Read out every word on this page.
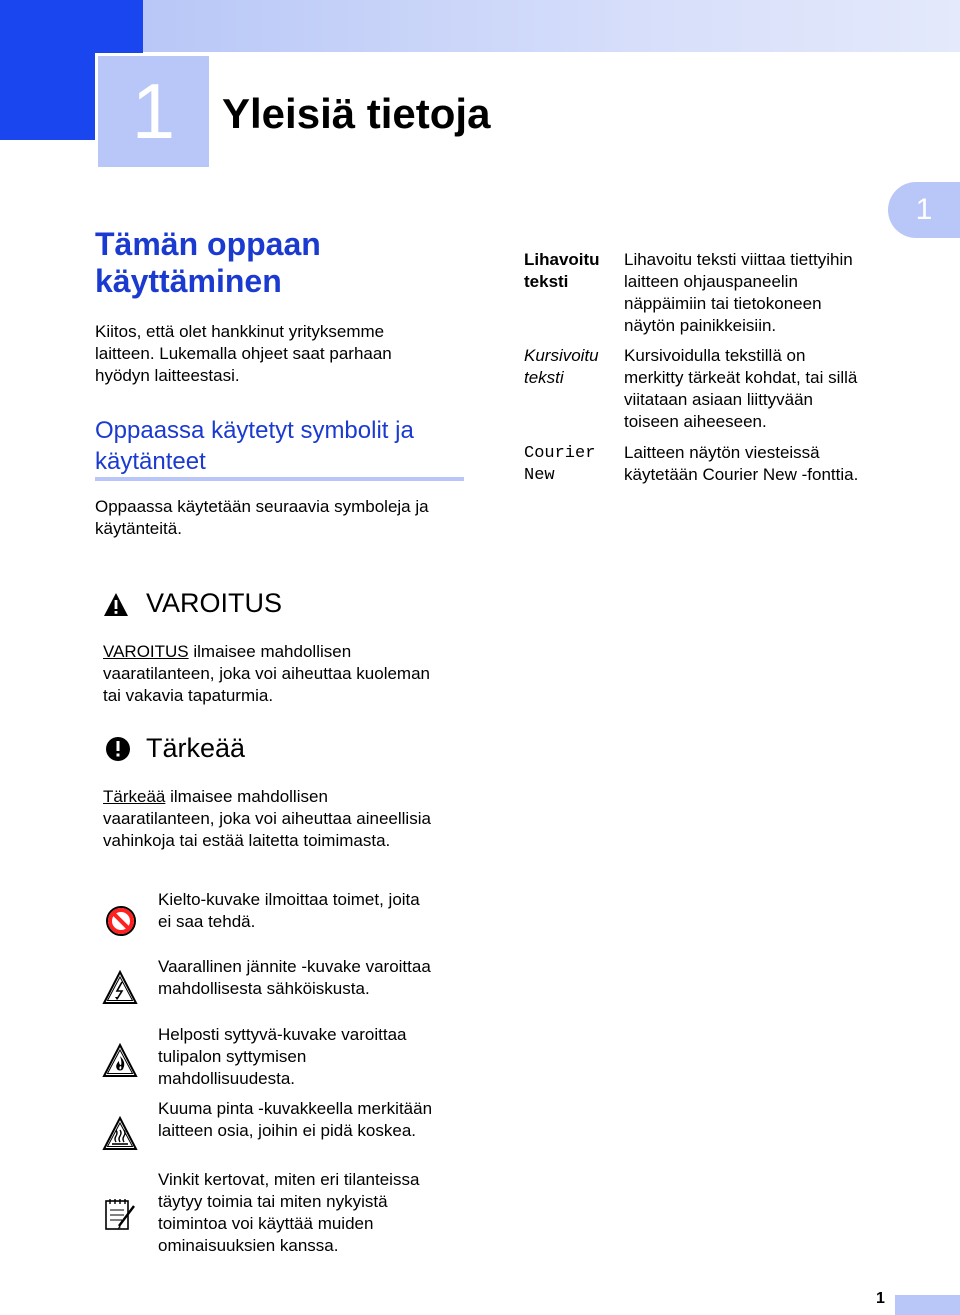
1	Yleisiä tietoja
1
Tämän oppaan käyttäminen
Kiitos, että olet hankkinut yrityksemme
laitteen. Lukemalla ohjeet saat parhaan
hyödyn laitteestasi.
Oppaassa käytetyt symbolit ja
käytänteet
Oppaassa käytetään seuraavia symboleja ja
käytänteitä.
Lihavoitu
teksti
Lihavoitu teksti viittaa tiettyihin
laitteen ohjauspaneelin
näppäimiin tai tietokoneen
näytön painikkeisiin.
Kursivoitu
teksti
Kursivoidulla tekstillä on
merkitty tärkeät kohdat, tai sillä
viitataan asiaan liittyvään
toiseen aiheeseen.
Courier
New
Laitteen näytön viesteissä
käytetään Courier New -fonttia.
VAROITUS
VAROITUS ilmaisee mahdollisen
vaaratilanteen, joka voi aiheuttaa kuoleman
tai vakavia tapaturmia.
Tärkeää
Tärkeää ilmaisee mahdollisen
vaaratilanteen, joka voi aiheuttaa aineellisia
vahinkoja tai estää laitetta toimimasta.
Kielto-kuvake ilmoittaa toimet, joita
ei saa tehdä.
Vaarallinen jännite -kuvake varoittaa
mahdollisesta sähköiskusta.
Helposti syttyvä-kuvake varoittaa
tulipalon syttymisen
mahdollisuudesta.
Kuuma pinta -kuvakkeella merkitään
laitteen osia, joihin ei pidä koskea.
Vinkit kertovat, miten eri tilanteissa
täytyy toimia tai miten nykyistä
toimintoa voi käyttää muiden
ominaisuuksien kanssa.
1
